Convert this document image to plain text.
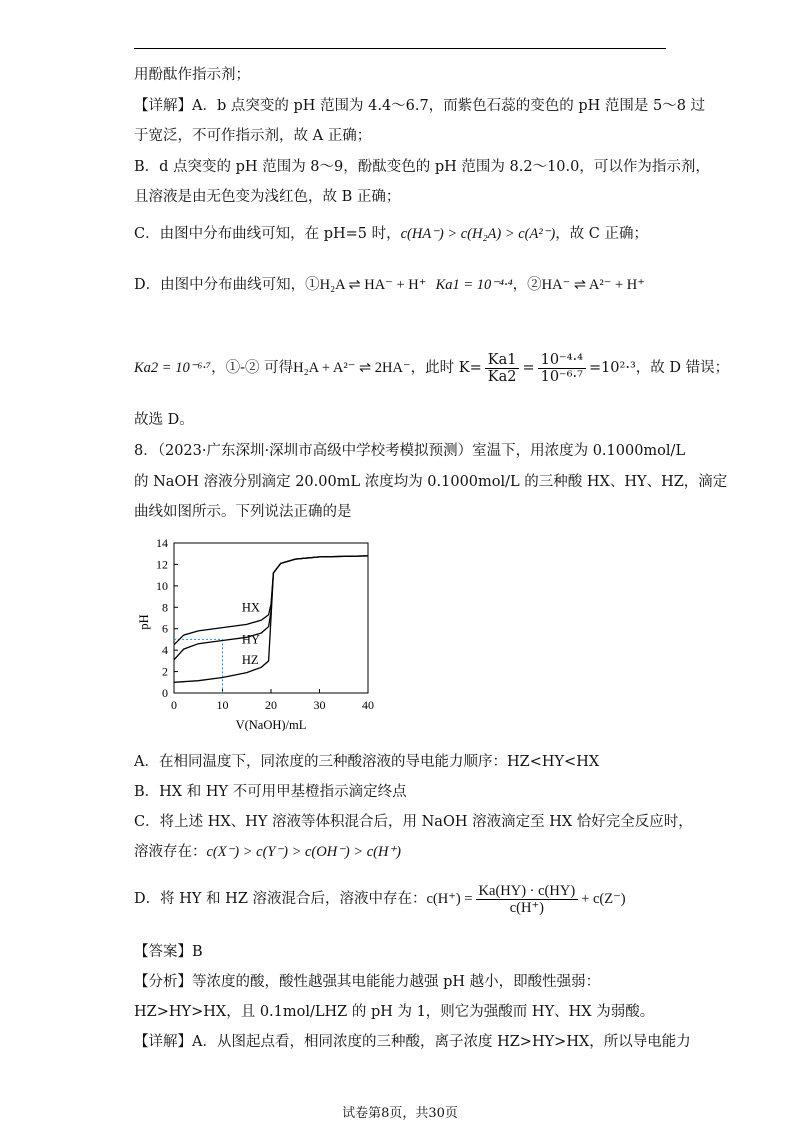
用酚酞作指示剂；
【详解】A．b 点突变的 pH 范围为 4.4～6.7，而紫色石蕊的变色的 pH 范围是 5～8 过
于宽泛，不可作指示剂，故 A 正确；
B．d 点突变的 pH 范围为 8～9，酚酞变色的 pH 范围为 8.2～10.0，可以作为指示剂，
且溶液是由无色变为浅红色，故 B 正确；
C．由图中分布曲线可知，在 pH=5 时，c(HA⁻) > c(H₂A) > c(A²⁻)，故 C 正确；
D．由图中分布曲线可知，①H₂A ⇌ HA⁻ + H⁺ Ka1 = 10⁻⁴·⁴，②HA⁻ ⇌ A²⁻ + H⁺
Ka2 = 10⁻⁶·⁷，①-② 可得H₂A + A²⁻ ⇌ 2HA⁻，此时 $K= \frac{Ka1}{Ka2} = \frac{\text{10⁻⁴·⁴}}{\text{10⁻⁶·⁷}} =10^2\cdot^3$，故 D 错误；
故选 D。
8．（2023·广东深圳·深圳市高级中学校考模拟预测）室温下，用浓度为 0.1000mol/L
的 NaOH 溶液分别滴定 20.00mL 浓度均为 0.1000mol/L 的三种酸 HX、HY、HZ，滴定
曲线如图所示。下列说法正确的是
0
2
4
6
8
10
12
14
0	10	20	30	40
V(NaOH)/mL
pH
HX
HY
HZ
A．在相同温度下，同浓度的三种酸溶液的导电能力顺序：HZ<HY<HX
B．HX 和 HY 不可用甲基橙指示滴定终点
C．将上述 HX、HY 溶液等体积混合后，用 NaOH 溶液滴定至 HX 恰好完全反应时，
溶液存在：c(X⁻) > c(Y⁻) > c(OH⁻) > c(H⁺)
D．将 HY 和 HZ 溶液混合后，溶液中存在：$c(H^+) = \frac{Ka(HY) \cdot c(HY)}{c(H^+)} + c(Z^-)$
【答案】B
【分析】等浓度的酸，酸性越强其电能能力越强 pH 越小，即酸性强弱：
HZ>HY>HX，且 0.1mol/LHZ 的 pH 为 1，则它为强酸而 HY、HX 为弱酸。
【详解】A．从图起点看，相同浓度的三种酸，离子浓度 HZ>HY>HX，所以导电能力
试卷第8页，共30页
